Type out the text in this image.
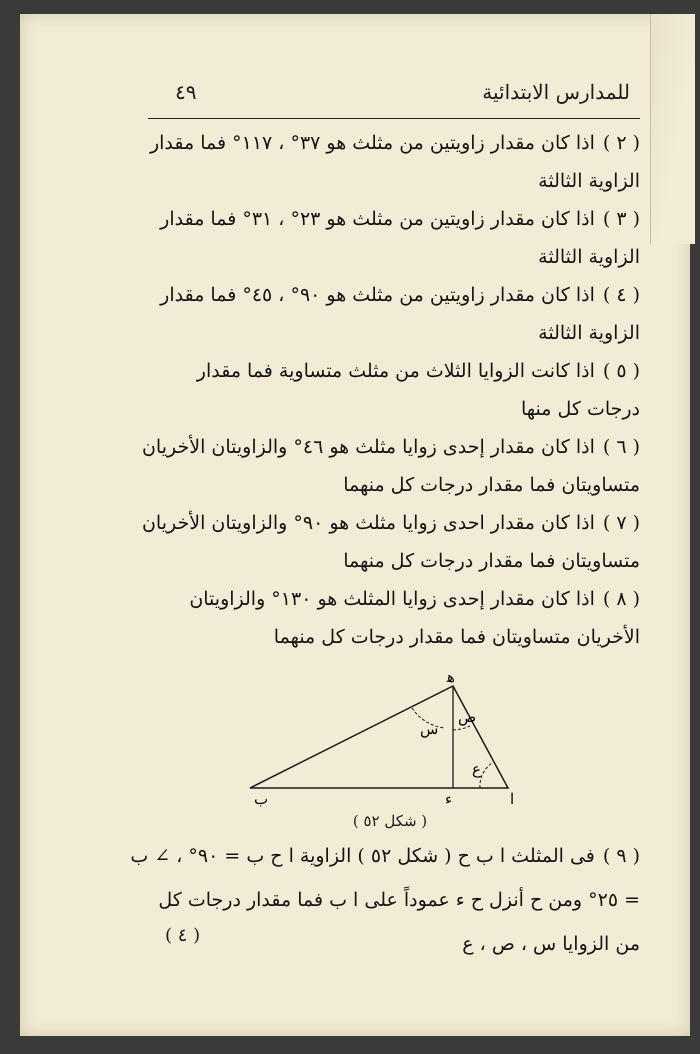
للمدارس الابتدائية
٤٩

( ٢ )اذا كان مقدار زاويتين من مثلث هو ٣٧° ، ١١٧° فما مقدار الزاوية الثالثة

( ٣ )اذا كان مقدار زاويتين من مثلث هو ٢٣° ، ٣١° فما مقدار الزاوية الثالثة

( ٤ )اذا كان مقدار زاويتين من مثلث هو ٩٠° ، ٤٥° فما مقدار الزاوية الثالثة

( ٥ )اذا كانت الزوايا الثلاث من مثلث متساوية فما مقدار درجات كل منها

( ٦ )اذا كان مقدار إحدى زوايا مثلث هو ٤٦° والزاويتان الأخريان متساويتان فما مقدار درجات كل منهما

( ٧ )اذا كان مقدار احدى زوايا مثلث هو ٩٠° والزاويتان الأخريان متساويتان فما مقدار درجات كل منهما

( ٨ )اذا كان مقدار إحدى زوايا المثلث هو ١٣٠° والزاويتان الأخريان متساويتان فما مقدار درجات كل منهما

ﻫ
ب	ا
ء
س
ص
ع
( شكل ٥٢ )
( ٩ )فى المثلث ا ب ح ( شكل ٥٢ ) الزاوية ا ح ب = ٩٠° ، ∠ ب = ٢٥° ومن ح أنزل ح ء عموداً على ا ب فما مقدار درجات كل من الزوايا س ، ص ، ع
( ٤ )
